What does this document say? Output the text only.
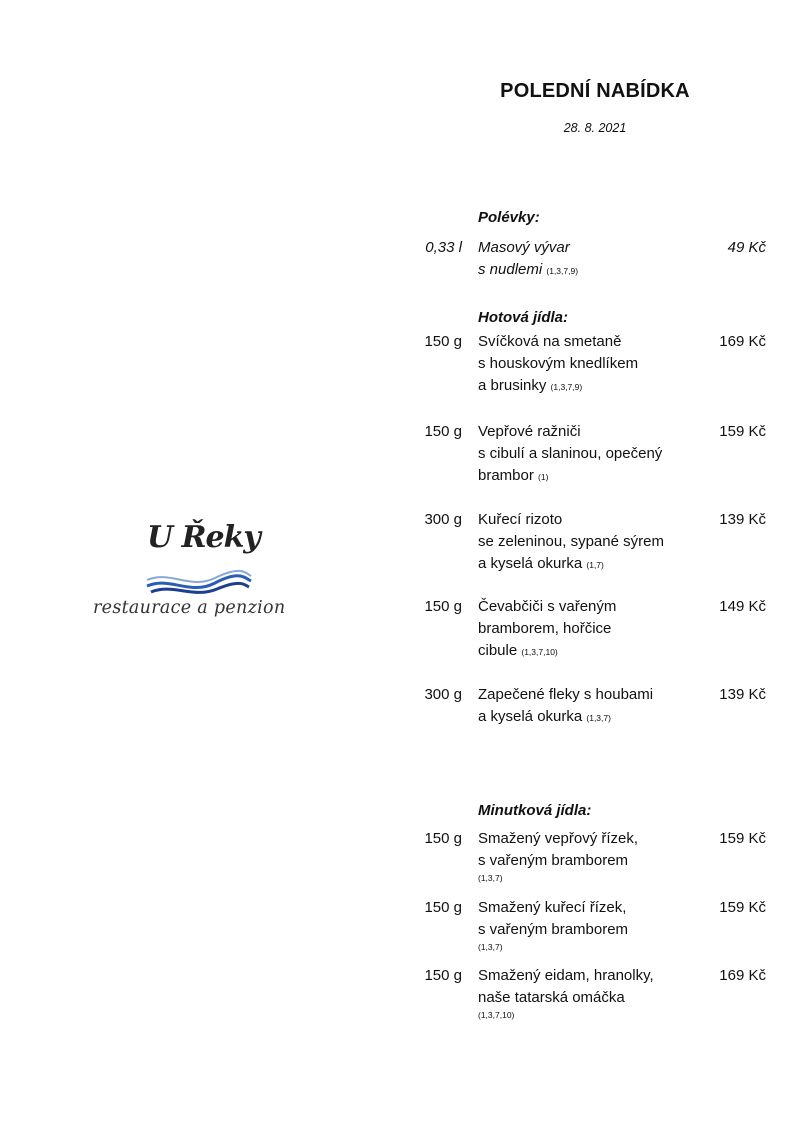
POLEDNÍ NABÍDKA
28. 8. 2021
U Řeky
restaurace a penzion
Polévky:
0,33 l Masový vývar
s nudlemi (1,3,7,9)
49 Kč
Hotová jídla:
150 g Svíčková na smetaně
s houskovým knedlíkem
a brusinky (1,3,7,9)
169 Kč
150 g Vepřové ražniči
s cibulí a slaninou, opečený
brambor (1)
159 Kč
300 g Kuřecí rizoto
se zeleninou, sypané sýrem
a kyselá okurka (1,7)
139 Kč
150 g Čevabčiči s vařeným
bramborem, hořčice
cibule (1,3,7,10)
149 Kč
300 g Zapečené fleky s houbami
a kyselá okurka (1,3,7)
139 Kč
Minutková jídla:
150 g Smažený vepřový řízek,
s vařeným bramborem
(1,3,7)
159 Kč
150 g Smažený kuřecí řízek,
s vařeným bramborem
(1,3,7)
159 Kč
150 g Smažený eidam, hranolky,
naše tatarská omáčka
(1,3,7,10)
169 Kč
